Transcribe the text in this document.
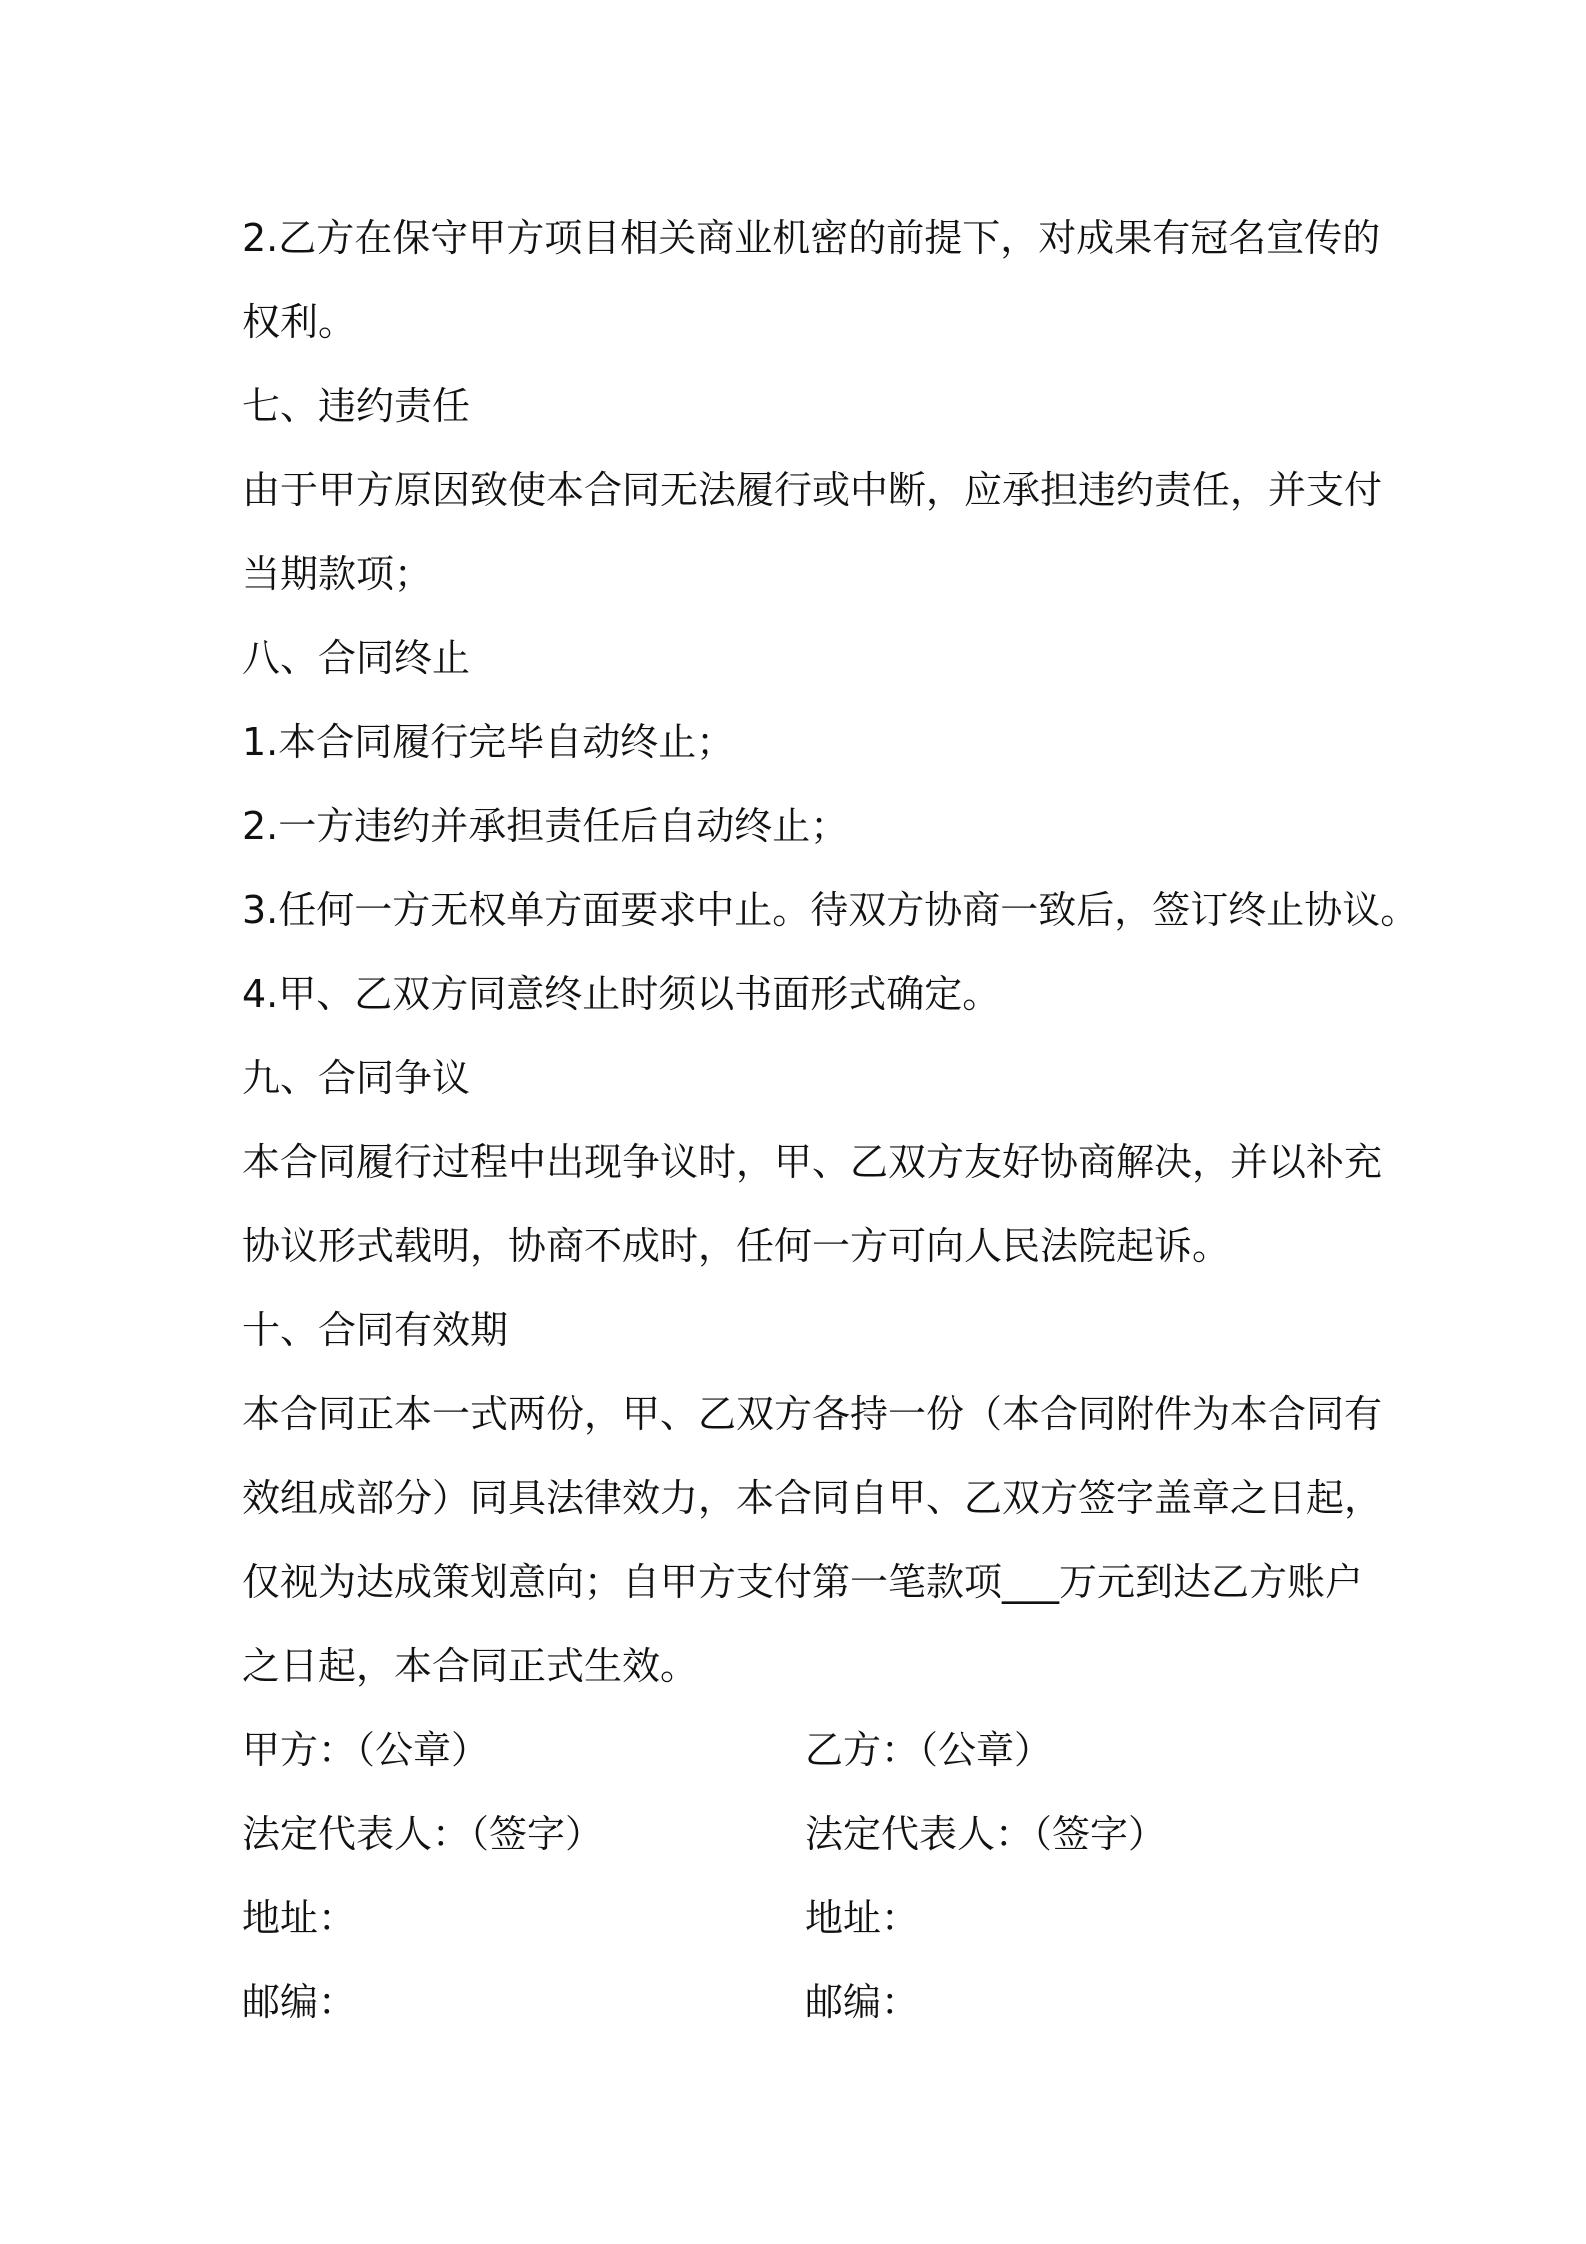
2.乙方在保守甲方项目相关商业机密的前提下，对成果有冠名宣传的
权利。
七、违约责任
由于甲方原因致使本合同无法履行或中断，应承担违约责任，并支付
当期款项；
八、合同终止
1.本合同履行完毕自动终止；
2.一方违约并承担责任后自动终止；
3.任何一方无权单方面要求中止。待双方协商一致后，签订终止协议。
4.甲、乙双方同意终止时须以书面形式确定。
九、合同争议
本合同履行过程中出现争议时，甲、乙双方友好协商解决，并以补充
协议形式载明，协商不成时，任何一方可向人民法院起诉。
十、合同有效期
本合同正本一式两份，甲、乙双方各持一份（本合同附件为本合同有
效组成部分）同具法律效力，本合同自甲、乙双方签字盖章之日起，
仅视为达成策划意向；自甲方支付第一笔款项___万元到达乙方账户
之日起，本合同正式生效。
甲方：（公章）	乙方：（公章）
法定代表人：（签字）	法定代表人：（签字）
地址：	地址：
邮编：	邮编：
